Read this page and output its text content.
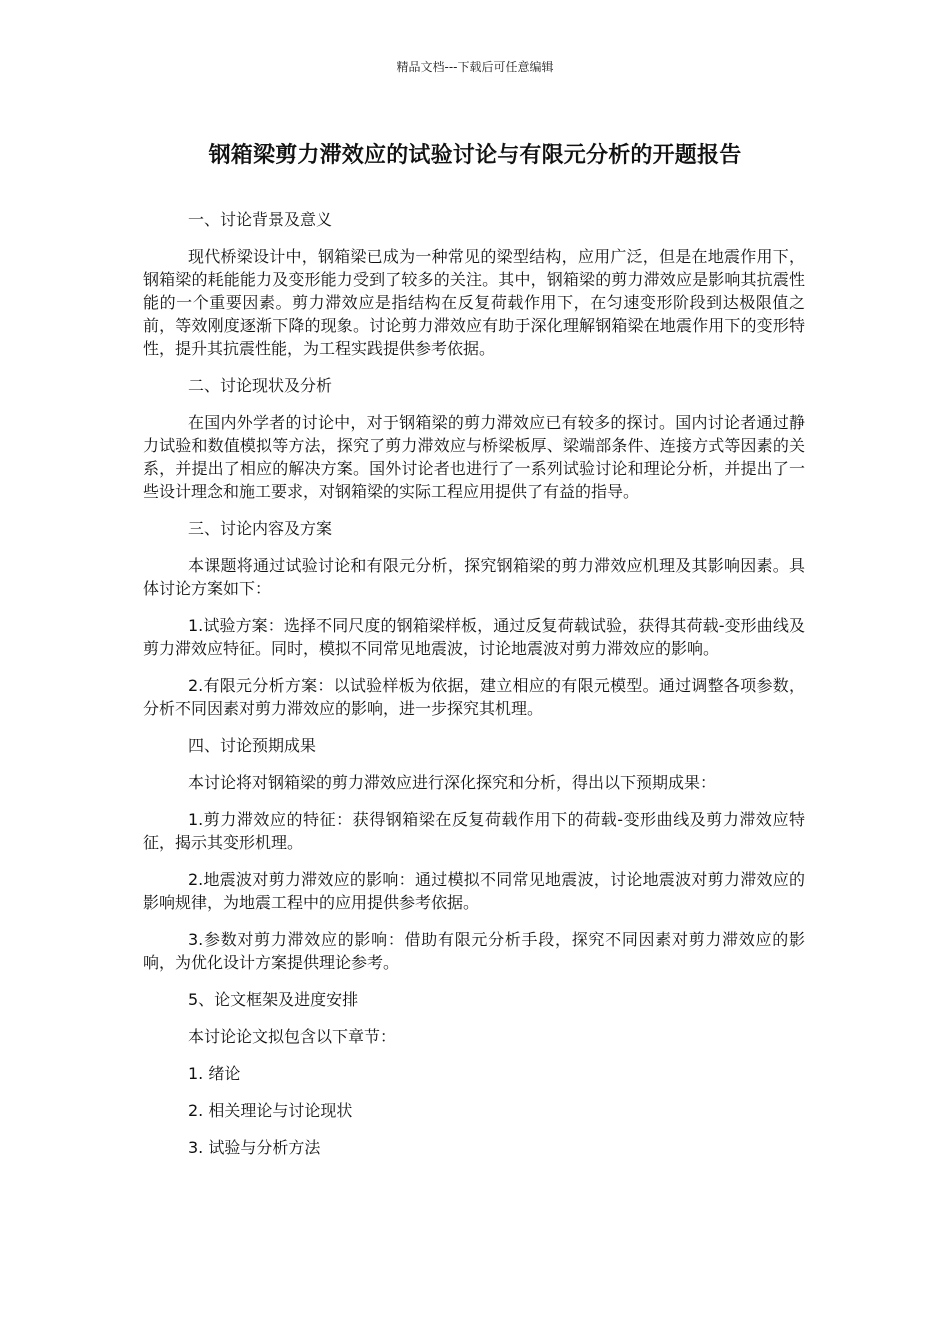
精品文档---下载后可任意编辑
钢箱梁剪力滞效应的试验讨论与有限元分析的开题报告

一、讨论背景及意义

现代桥梁设计中，钢箱梁已成为一种常见的梁型结构，应用广泛，但是在地震作用下，钢箱梁的耗能能力及变形能力受到了较多的关注。其中，钢箱梁的剪力滞效应是影响其抗震性能的一个重要因素。剪力滞效应是指结构在反复荷载作用下，在匀速变形阶段到达极限值之前，等效刚度逐渐下降的现象。讨论剪力滞效应有助于深化理解钢箱梁在地震作用下的变形特性，提升其抗震性能，为工程实践提供参考依据。

二、讨论现状及分析

在国内外学者的讨论中，对于钢箱梁的剪力滞效应已有较多的探讨。国内讨论者通过静力试验和数值模拟等方法，探究了剪力滞效应与桥梁板厚、梁端部条件、连接方式等因素的关系，并提出了相应的解决方案。国外讨论者也进行了一系列试验讨论和理论分析，并提出了一些设计理念和施工要求，对钢箱梁的实际工程应用提供了有益的指导。

三、讨论内容及方案

本课题将通过试验讨论和有限元分析，探究钢箱梁的剪力滞效应机理及其影响因素。具体讨论方案如下：

1.试验方案：选择不同尺度的钢箱梁样板，通过反复荷载试验，获得其荷载-变形曲线及剪力滞效应特征。同时，模拟不同常见地震波，讨论地震波对剪力滞效应的影响。

2.有限元分析方案：以试验样板为依据，建立相应的有限元模型。通过调整各项参数，分析不同因素对剪力滞效应的影响，进一步探究其机理。

四、讨论预期成果

本讨论将对钢箱梁的剪力滞效应进行深化探究和分析，得出以下预期成果：

1.剪力滞效应的特征：获得钢箱梁在反复荷载作用下的荷载-变形曲线及剪力滞效应特征，揭示其变形机理。

2.地震波对剪力滞效应的影响：通过模拟不同常见地震波，讨论地震波对剪力滞效应的影响规律，为地震工程中的应用提供参考依据。

3.参数对剪力滞效应的影响：借助有限元分析手段，探究不同因素对剪力滞效应的影响，为优化设计方案提供理论参考。

5、论文框架及进度安排

本讨论论文拟包含以下章节：

1. 绪论

2. 相关理论与讨论现状

3. 试验与分析方法
